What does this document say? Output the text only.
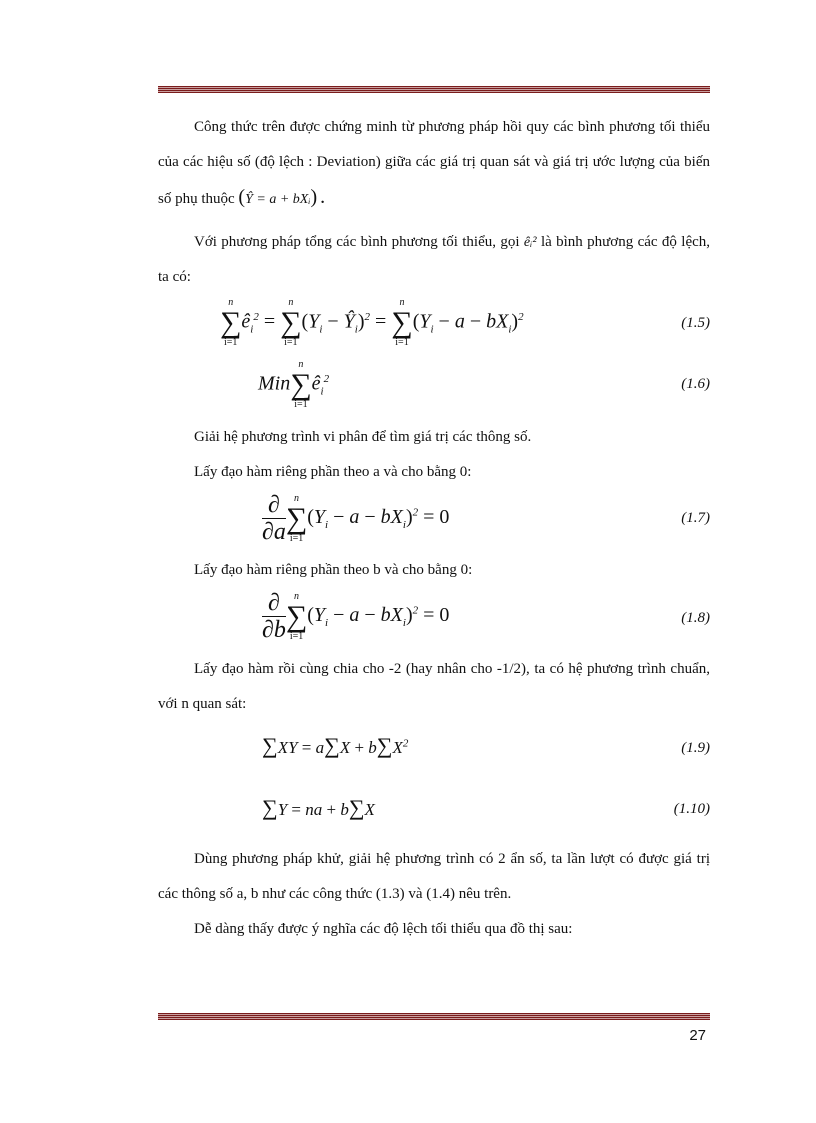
Công thức trên được chứng minh từ phương pháp hồi quy các bình phương tối thiểu của các hiệu số (độ lệch : Deviation) giữa các giá trị quan sát và giá trị ước lượng của biến số phụ thuộc (Ŷ = a + bXᵢ) .
Với phương pháp tổng các bình phương tối thiểu, gọi êᵢ² là bình phương các độ lệch, ta có:
n
∑
i=1
$ê_i^2$ =
n
∑
i=1
($Y_i$ − $Ŷ_i)^2$ =
n
∑
i=1
$(Y_i - a - bX_i)^2$	(1.5)
Min
n
∑
i=1
$ê_i^2$	(1.6)
Giải hệ phương trình vi phân để tìm giá trị các thông số.
Lấy đạo hàm riêng phần theo a và cho bằng 0:
$\frac{\partial}{\partial a}$ n
∑
i=1
$(Y_i - a - bX_i)^2 = 0$	(1.7)
Lấy đạo hàm riêng phần theo b và cho bằng 0:
$\frac{\partial}{\partial b}$ n
∑
i=1
$(Y_i - a - bX_i)^2 = 0$	(1.8)
Lấy đạo hàm rồi cùng chia cho -2 (hay nhân cho -1/2), ta có hệ phương trình chuẩn, với n quan sát:
$\sum XY = a\sum X + b\sum X^2$	(1.9)
∑Y = na + b∑X	(1.10)
Dùng phương pháp khử, giải hệ phương trình có 2 ẩn số, ta lần lượt có được giá trị các thông số a, b như các công thức (1.3) và (1.4) nêu trên.
Dễ dàng thấy được ý nghĩa các độ lệch tối thiểu qua đồ thị sau:
27
